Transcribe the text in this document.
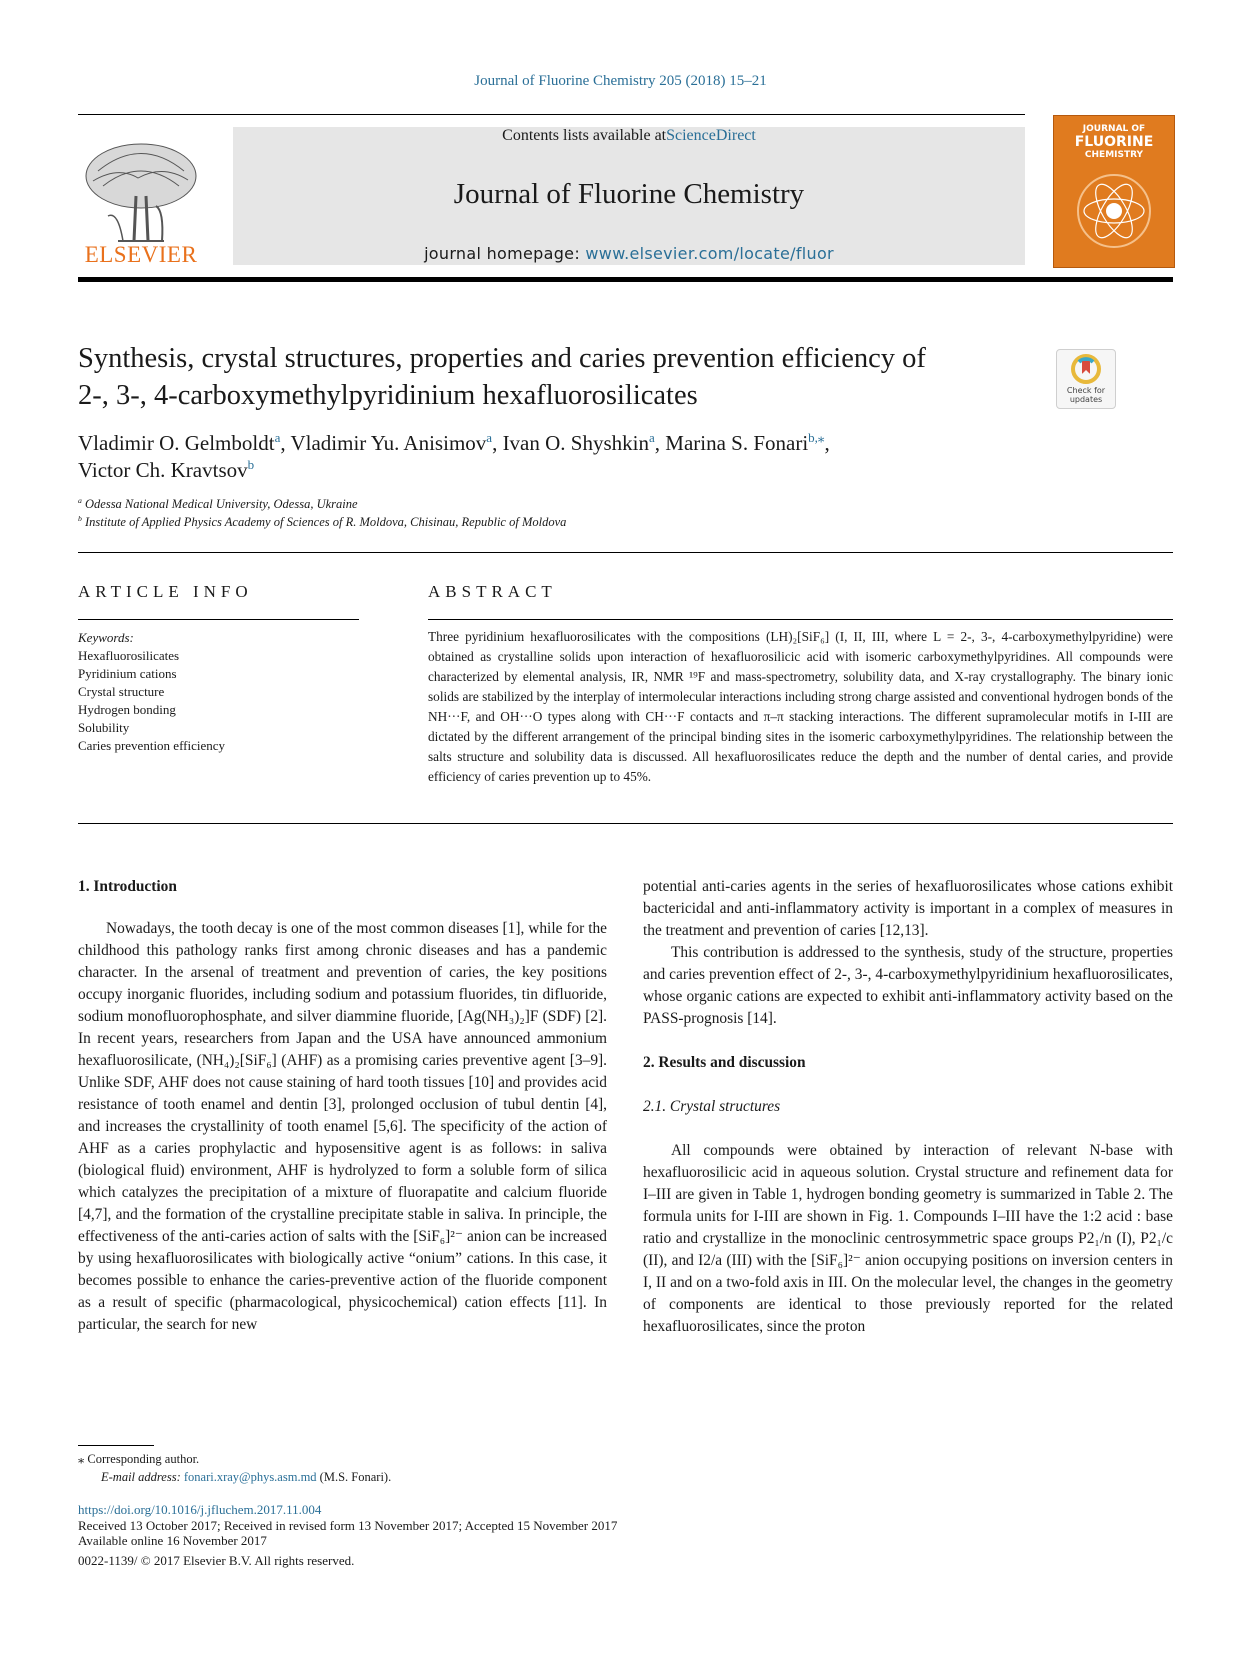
Journal of Fluorine Chemistry 205 (2018) 15–21
ELSEVIER
Contents lists available atScienceDirect
Journal of Fluorine Chemistry
journal homepage: www.elsevier.com/locate/fluor
JOURNAL OF
FLUORINE
CHEMISTRY
Synthesis, crystal structures, properties and caries prevention efficiency of
2-, 3-, 4-carboxymethylpyridinium hexafluorosilicates	Check for
updates
Vladimir O. Gelmboldt$^a$, Vladimir Yu. Anisimov$^a$, Ivan O. Shyshkin$^a$, Marina S. Fonari$^{b,⁎}$,
Victor Ch. Kravtsov$^b$
$^a$ Odessa National Medical University, Odessa, Ukraine
$^b$ Institute of Applied Physics Academy of Sciences of R. Moldova, Chisinau, Republic of Moldova
ARTICLE INFO	ABSTRACT
Keywords:
Hexafluorosilicates
Pyridinium cations
Crystal structure
Hydrogen bonding
Solubility
Caries prevention efficiency
Three pyridinium hexafluorosilicates with the compositions (LH)₂[SiF₆] (I, II, III, where L = 2-, 3-, 4-carboxymethylpyridine) were obtained as crystalline solids upon interaction of hexafluorosilicic acid with isomeric carboxymethylpyridines. All compounds were characterized by elemental analysis, IR, NMR ¹⁹F and mass-spectrometry, solubility data, and X-ray crystallography. The binary ionic solids are stabilized by the interplay of intermolecular interactions including strong charge assisted and conventional hydrogen bonds of the NH···F, and OH···O types along with CH···F contacts and π–π stacking interactions. The different supramolecular motifs in I-III are dictated by the different arrangement of the principal binding sites in the isomeric carboxymethylpyridines. The relationship between the salts structure and solubility data is discussed. All hexafluorosilicates reduce the depth and the number of dental caries, and provide efficiency of caries prevention up to 45%.
1. Introduction

Nowadays, the tooth decay is one of the most common diseases [1], while for the childhood this pathology ranks first among chronic diseases and has a pandemic character. In the arsenal of treatment and prevention of caries, the key positions occupy inorganic fluorides, including sodium and potassium fluorides, tin difluoride, sodium monofluorophosphate, and silver diammine fluoride, [Ag(NH₃)₂]F (SDF) [2]. In recent years, researchers from Japan and the USA have announced ammonium hexafluorosilicate, (NH₄)₂[SiF₆] (AHF) as a promising caries preventive agent [3–9]. Unlike SDF, AHF does not cause staining of hard tooth tissues [10] and provides acid resistance of tooth enamel and dentin [3], prolonged occlusion of tubul dentin [4], and increases the crystallinity of tooth enamel [5,6]. The specificity of the action of AHF as a caries prophylactic and hyposensitive agent is as follows: in saliva (biological fluid) environment, AHF is hydrolyzed to form a soluble form of silica which catalyzes the precipitation of a mixture of fluorapatite and calcium fluoride [4,7], and the formation of the crystalline precipitate stable in saliva. In principle, the effectiveness of the anti-caries action of salts with the [SiF₆]²⁻ anion can be increased by using hexafluorosilicates with biologically active “onium” cations. In this case, it becomes possible to enhance the caries-preventive action of the fluoride component as a result of specific (pharmacological, physicochemical) cation effects [11]. In particular, the search for new

potential anti-caries agents in the series of hexafluorosilicates whose cations exhibit bactericidal and anti-inflammatory activity is important in a complex of measures in the treatment and prevention of caries [12,13].

This contribution is addressed to the synthesis, study of the structure, properties and caries prevention effect of 2-, 3-, 4-carboxymethylpyridinium hexafluorosilicates, whose organic cations are expected to exhibit anti-inflammatory activity based on the PASS-prognosis [14].

2. Results and discussion
2.1. Crystal structures

All compounds were obtained by interaction of relevant N-base with hexafluorosilicic acid in aqueous solution. Crystal structure and refinement data for I–III are given in Table 1, hydrogen bonding geometry is summarized in Table 2. The formula units for I-III are shown in Fig. 1. Compounds I–III have the 1:2 acid : base ratio and crystallize in the monoclinic centrosymmetric space groups P2₁/n (I), P2₁/c (II), and I2/a (III) with the [SiF₆]²⁻ anion occupying positions on inversion centers in I, II and on a two-fold axis in III. On the molecular level, the changes in the geometry of components are identical to those previously reported for the related hexafluorosilicates, since the proton

⁎ Corresponding author.
E-mail address: fonari.xray@phys.asm.md (M.S. Fonari).
https://doi.org/10.1016/j.jfluchem.2017.11.004
Received 13 October 2017; Received in revised form 13 November 2017; Accepted 15 November 2017
Available online 16 November 2017
0022-1139/ © 2017 Elsevier B.V. All rights reserved.
